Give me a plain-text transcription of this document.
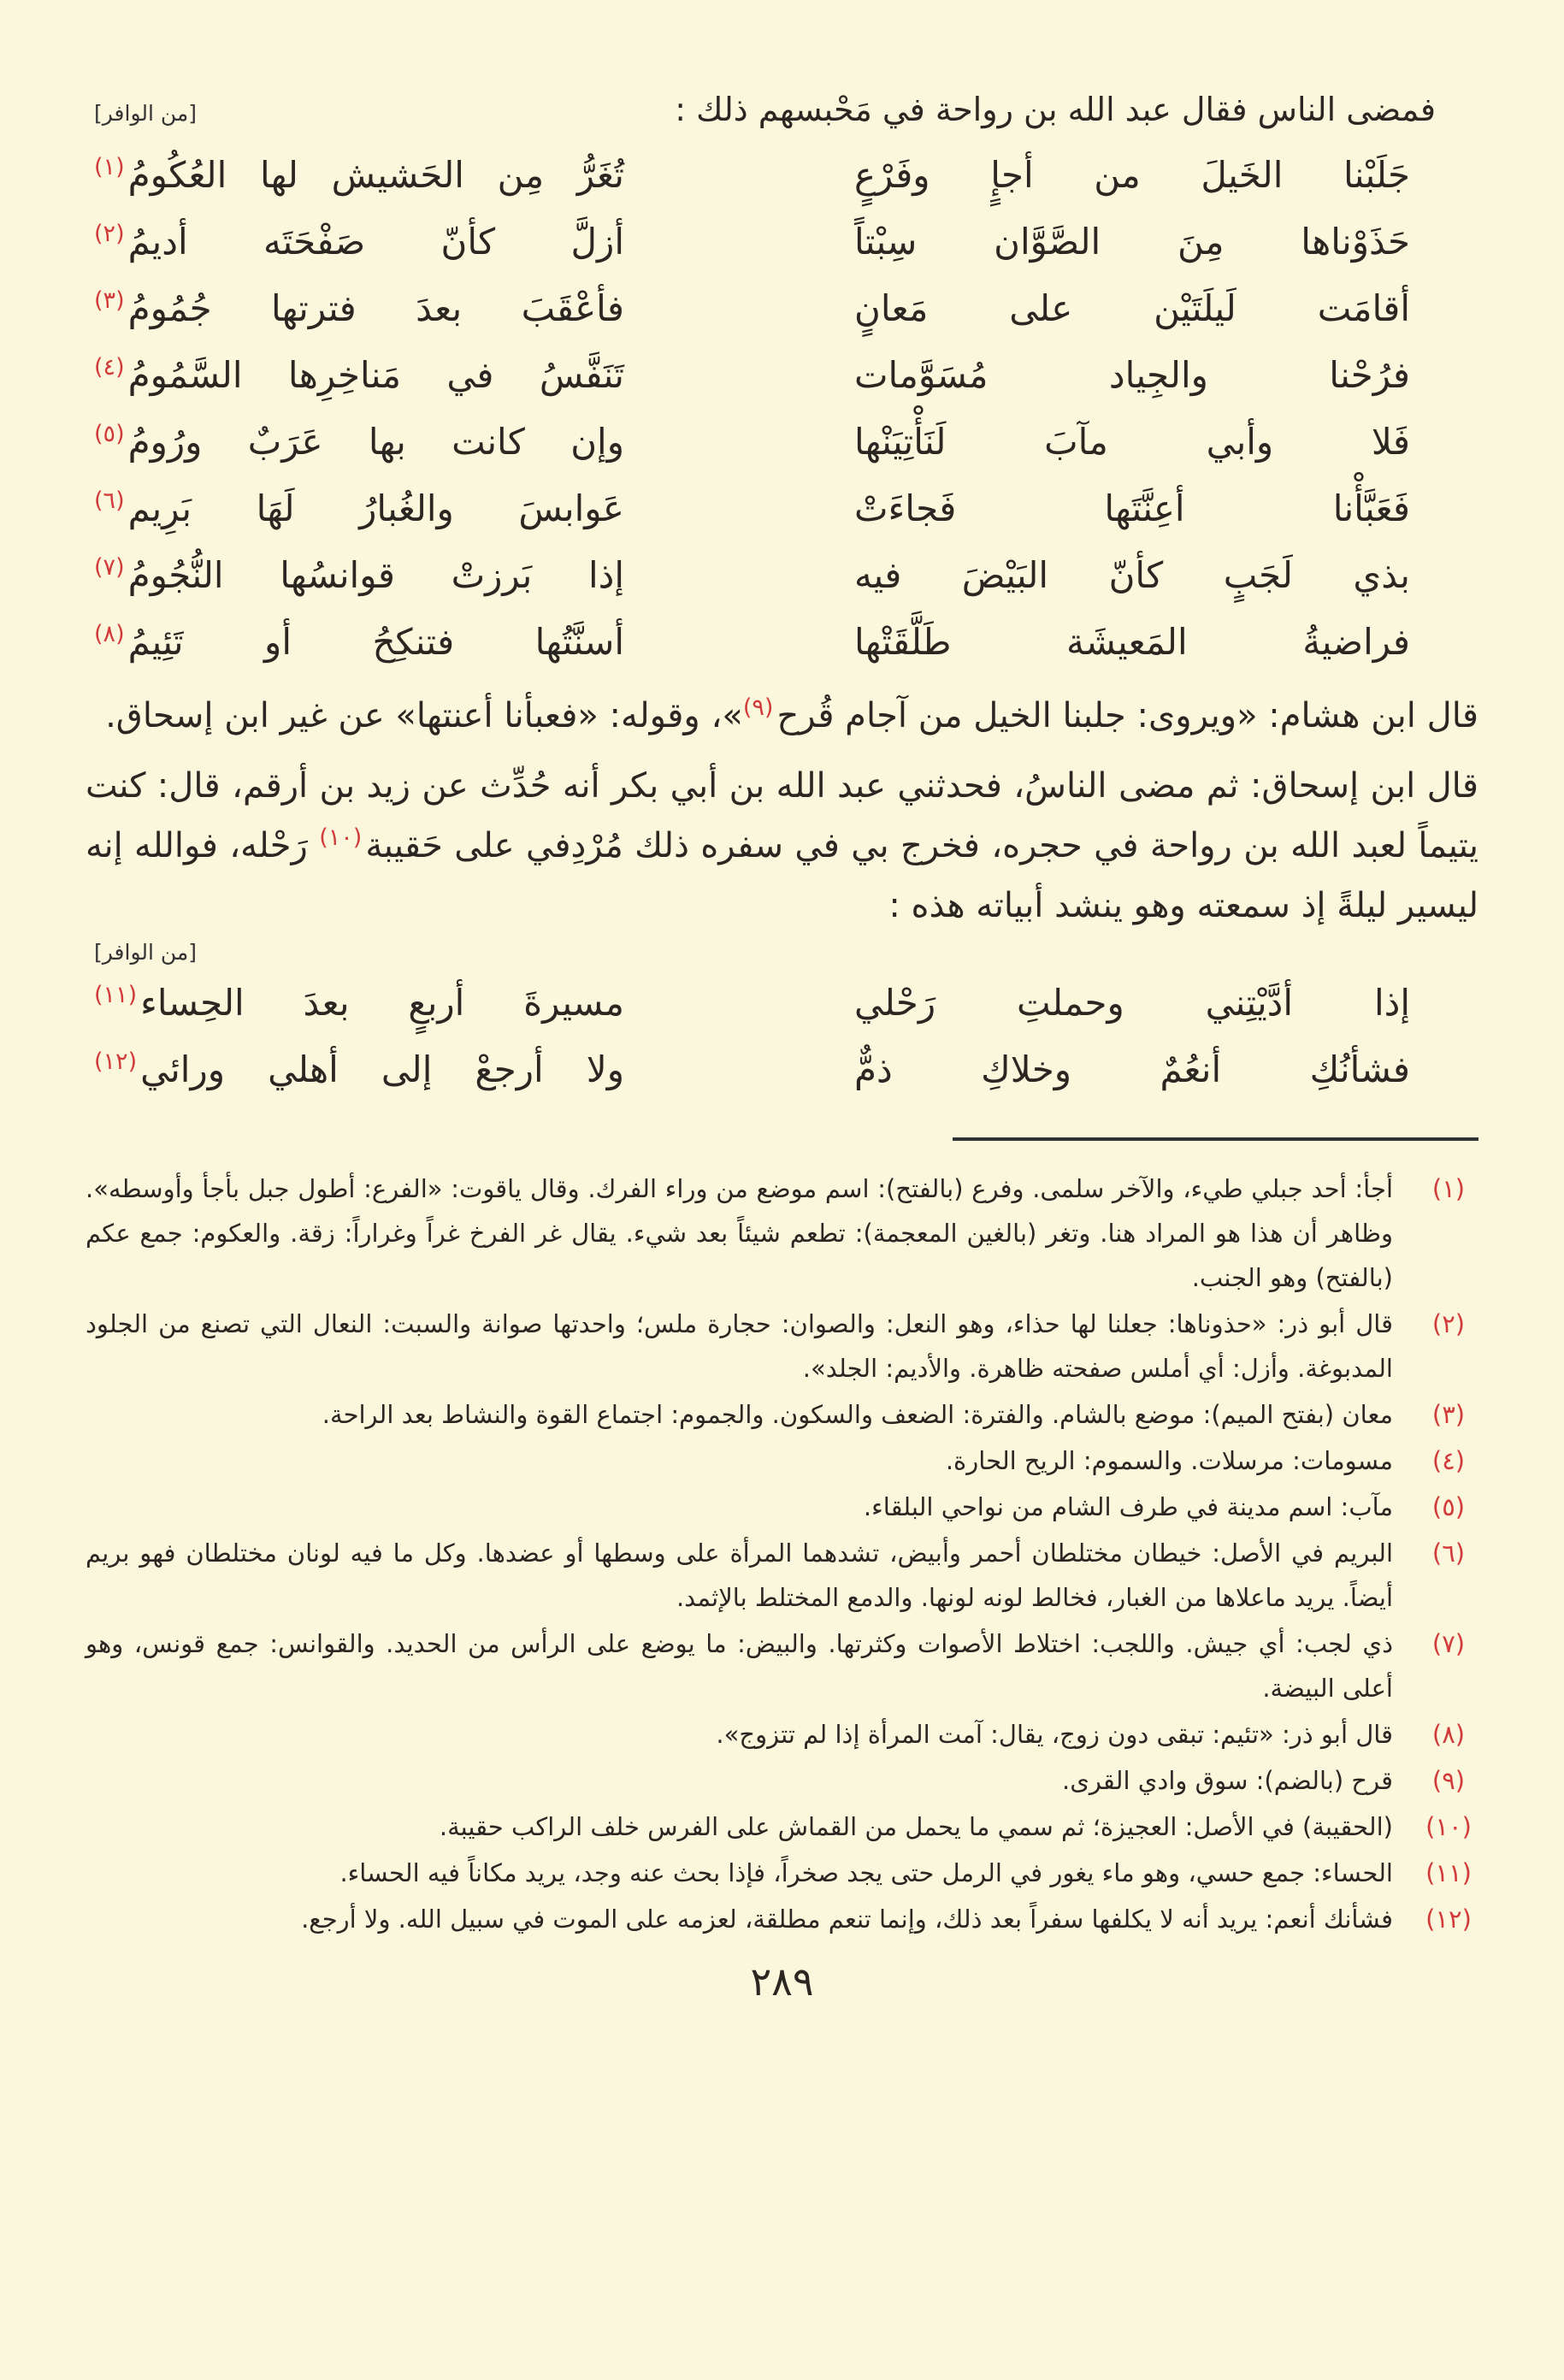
فمضى الناس فقال عبد الله بن رواحة في مَحْبسهم ذلك :
[من الوافر]
جَلَبْنا الخَيلَ من أجإٍ وفَرْعٍ
تُغَرُّ مِن الحَشيش لها العُكُومُ$^{(١)}$
حَذَوْناها مِنَ الصَّوَّان سِبْتاً
أزلَّ كأنّ صَفْحَتَه أديمُ$^{(٢)}$
أقامَت لَيلَتَيْن على مَعانٍ
فأعْقَبَ بعدَ فترتها جُمُومُ$^{(٣)}$
فرُحْنا والجِياد مُسَوَّمات
تَنَفَّسُ في مَناخِرِها السَّمُومُ$^{(٤)}$
فَلا وأبي مآبَ لَنَأْتِيَنْها
وإن كانت بها عَرَبٌ ورُومُ$^{(٥)}$
فَعَبَّأْنا أعِنَّتَها فَجاءَتْ
عَوابسَ والغُبارُ لَهَا بَرِيم$^{(٦)}$
بذي لَجَبٍ كأنّ البَيْضَ فيه
إذا بَرزتْ قوانسُها النُّجُومُ$^{(٧)}$
فراضيةُ المَعيشَة طَلَّقَتْها
أسنَّتُها فتنكِحُ أو تَئِيمُ$^{(٨)}$
قال ابن هشام: «ويروى: جلبنا الخيل من آجام قُرح$^{(٩)}$»، وقوله: «فعبأنا أعنتها» عن غير ابن إسحاق.
قال ابن إسحاق: ثم مضى الناسُ، فحدثني عبد الله بن أبي بكر أنه حُدِّث عن زيد بن أرقم، قال: كنت يتيماً لعبد الله بن رواحة في حجره، فخرج بي في سفره ذلك مُرْدِفي على حَقيبة$^{(١٠)}$ رَحْله، فوالله إنه ليسير ليلةً إذ سمعته وهو ينشد أبياته هذه :
[من الوافر]
إذا أدَّيْتِني وحملتِ رَحْلي
مسيرةَ أربعٍ بعدَ الحِساء$^{(١١)}$
فشأنُكِ أنعُمٌ وخلاكِ ذمٌّ
ولا أرجعْ إلى أهلي ورائي$^{(١٢)}$
(١)
أجأ: أحد جبلي طيء، والآخر سلمى. وفرع (بالفتح): اسم موضع من وراء الفرك. وقال ياقوت: «الفرع: أطول جبل بأجأ وأوسطه». وظاهر أن هذا هو المراد هنا. وتغر (بالغين المعجمة): تطعم شيئاً بعد شيء. يقال غر الفرخ غراً وغراراً: زقة. والعكوم: جمع عكم (بالفتح) وهو الجنب.
(٢)
قال أبو ذر: «حذوناها: جعلنا لها حذاء، وهو النعل: والصوان: حجارة ملس؛ واحدتها صوانة والسبت: النعال التي تصنع من الجلود المدبوغة. وأزل: أي أملس صفحته ظاهرة. والأديم: الجلد».
(٣)
معان (بفتح الميم): موضع بالشام. والفترة: الضعف والسكون. والجموم: اجتماع القوة والنشاط بعد الراحة.
(٤)
مسومات: مرسلات. والسموم: الريح الحارة.
(٥)
مآب: اسم مدينة في طرف الشام من نواحي البلقاء.
(٦)
البريم في الأصل: خيطان مختلطان أحمر وأبيض، تشدهما المرأة على وسطها أو عضدها. وكل ما فيه لونان مختلطان فهو بريم أيضاً. يريد ماعلاها من الغبار، فخالط لونه لونها. والدمع المختلط بالإثمد.
(٧)
ذي لجب: أي جيش. واللجب: اختلاط الأصوات وكثرتها. والبيض: ما يوضع على الرأس من الحديد. والقوانس: جمع قونس، وهو أعلى البيضة.
(٨)
قال أبو ذر: «تئيم: تبقى دون زوج، يقال: آمت المرأة إذا لم تتزوج».
(٩)
قرح (بالضم): سوق وادي القرى.
(١٠)
(الحقيبة) في الأصل: العجيزة؛ ثم سمي ما يحمل من القماش على الفرس خلف الراكب حقيبة.
(١١)
الحساء: جمع حسي، وهو ماء يغور في الرمل حتى يجد صخراً، فإذا بحث عنه وجد، يريد مكاناً فيه الحساء.
(١٢)
فشأنك أنعم: يريد أنه لا يكلفها سفراً بعد ذلك، وإنما تنعم مطلقة، لعزمه على الموت في سبيل الله. ولا أرجع.
٢٨٩
